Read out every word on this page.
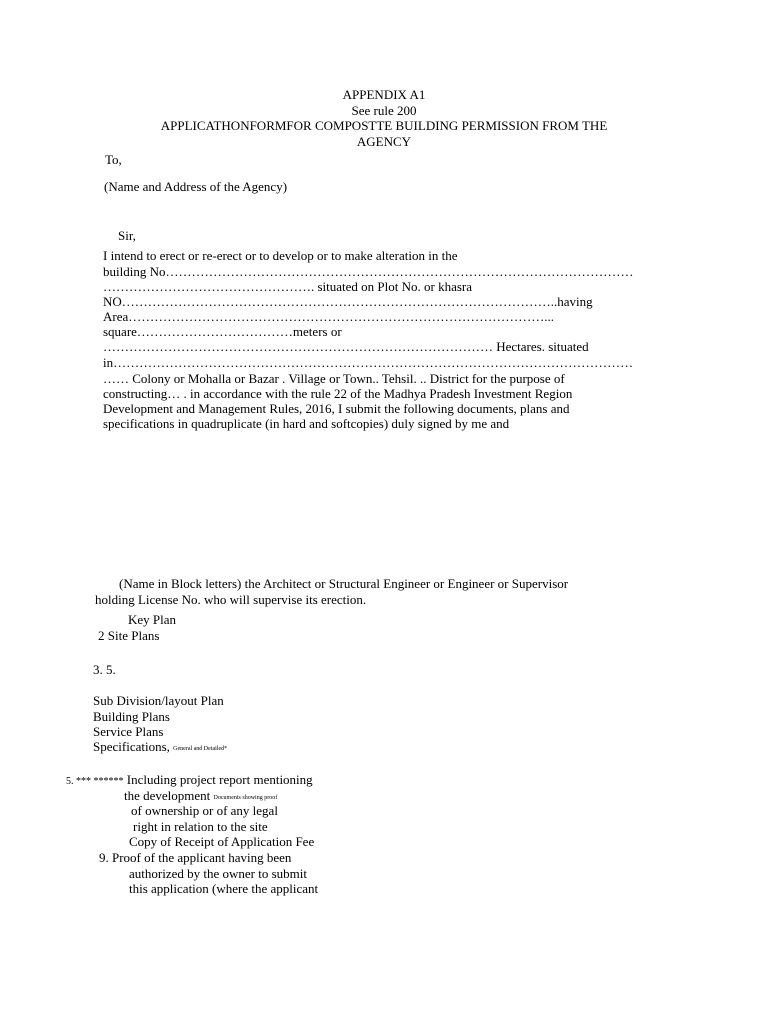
APPENDIX A1
See rule 200
APPLICATHONFORMFOR COMPOSTTE BUILDING PERMISSION FROM THE
AGENCY
To,
(Name and Address of the Agency)
Sir,
I intend to erect or re-erect or to develop or to make alteration in the
building No………………………………………………………………………………………………
…………………………………………. situated on Plot No. or khasra
NO………………………………………………………………………………………..having
Area……………………………………………………………………………………...
square………………………………meters or
……………………………………………………………………………… Hectares. situated
in…………………………………………………………………………………………………………
…… Colony or Mohalla or Bazar . Village or Town.. Tehsil. .. District for the purpose of
constructing… . in accordance with the rule 22 of the Madhya Pradesh Investment Region
Development and Management Rules, 2016, I submit the following documents, plans and
specifications in quadruplicate (in hard and softcopies) duly signed by me and
(Name in Block letters) the Architect or Structural Engineer or Engineer or Supervisor
holding License No. who will supervise its erection.
Key Plan
2 Site Plans
3. 5.
Sub Division/layout Plan
Building Plans
Service Plans
Specifications, General and Detailed*
5. *** ****** Including project report mentioning
the development Documents showing proof
of ownership or of any legal
right in relation to the site
Copy of Receipt of Application Fee
9. Proof of the applicant having been
authorized by the owner to submit
this application (where the applicant
